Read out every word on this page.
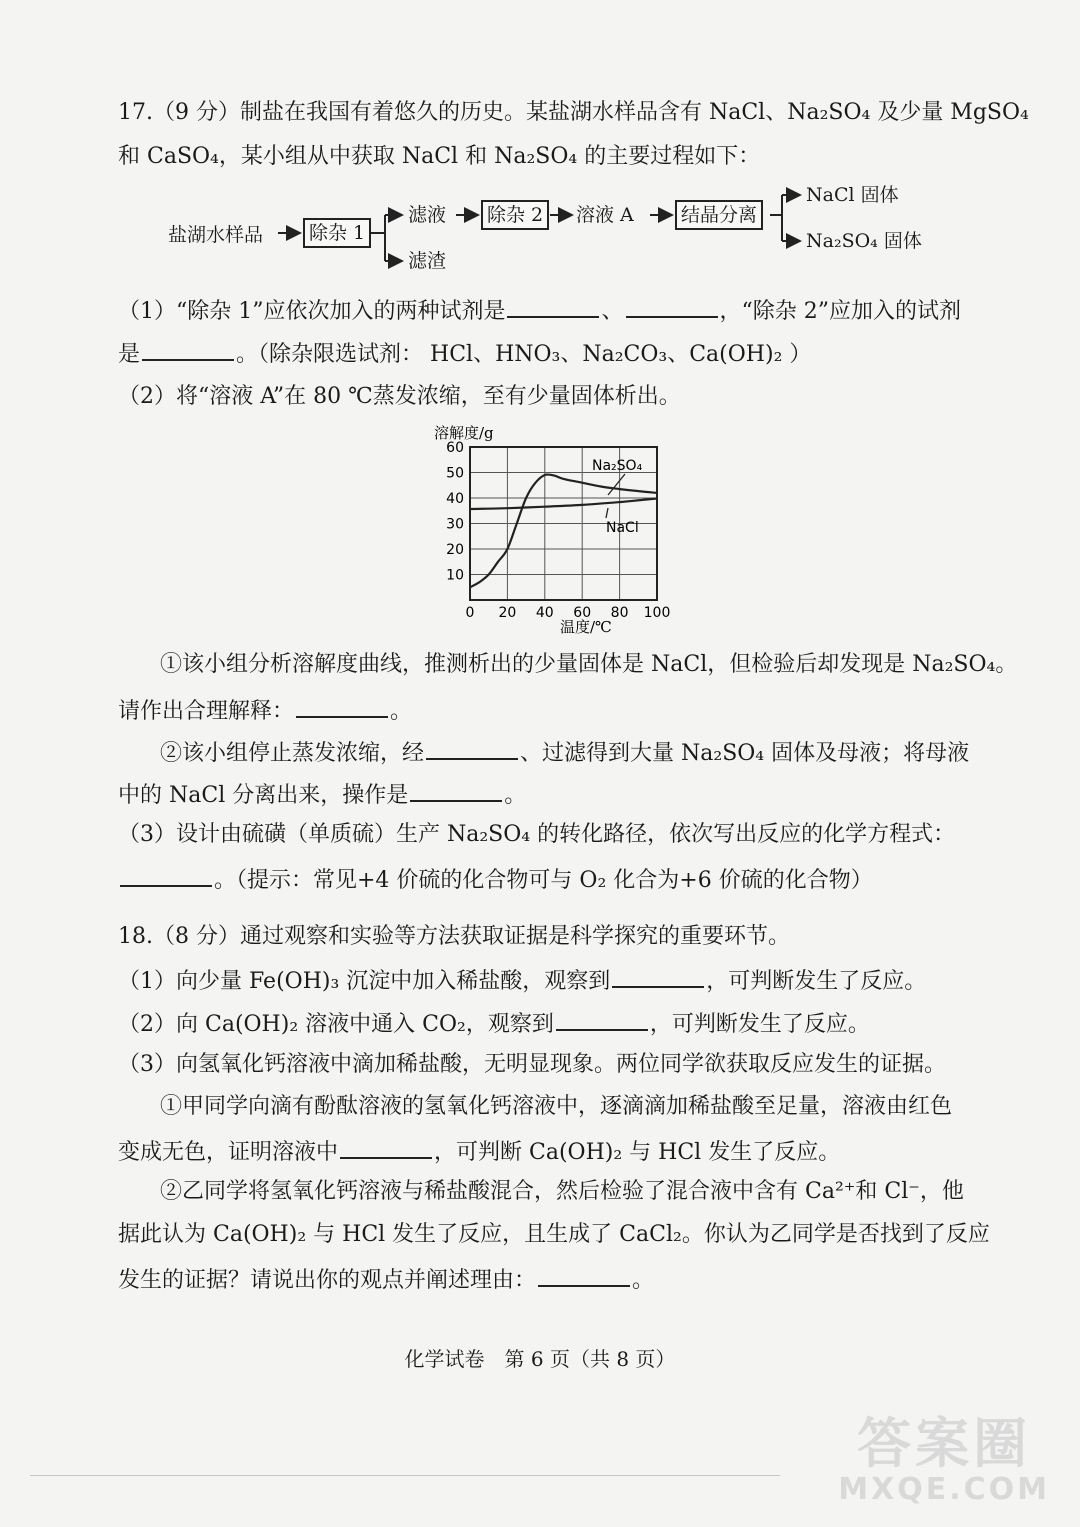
17.（9 分）制盐在我国有着悠久的历史。某盐湖水样品含有 NaCl、Na₂SO₄ 及少量 MgSO₄
和 CaSO₄，某小组从中获取 NaCl 和 Na₂SO₄ 的主要过程如下：
盐湖水样品	除杂 1
滤液
滤渣
除杂 2	溶液 A	结晶分离
NaCl 固体
Na₂SO₄ 固体
（1）“除杂 1”应依次加入的两种试剂是	、	，“除杂 2”应加入的试剂
是	。（除杂限选试剂： HCl、HNO₃、Na₂CO₃、Ca(OH)₂ ）
（2）将“溶液 A”在 80 ℃蒸发浓缩，至有少量固体析出。
10
20
30
40
50
60
0 20 40 60 80 100
溶解度/g
温度/℃
Na₂SO₄
NaCl
①该小组分析溶解度曲线，推测析出的少量固体是 NaCl，但检验后却发现是 Na₂SO₄。
请作出合理解释：	。
②该小组停止蒸发浓缩，经	、过滤得到大量 Na₂SO₄ 固体及母液；将母液
中的 NaCl 分离出来，操作是	。
（3）设计由硫磺（单质硫）生产 Na₂SO₄ 的转化路径，依次写出反应的化学方程式：
。（提示：常见+4 价硫的化合物可与 O₂ 化合为+6 价硫的化合物）
18.（8 分）通过观察和实验等方法获取证据是科学探究的重要环节。
（1）向少量 Fe(OH)₃ 沉淀中加入稀盐酸，观察到	，可判断发生了反应。
（2）向 Ca(OH)₂ 溶液中通入 CO₂，观察到	，可判断发生了反应。
（3）向氢氧化钙溶液中滴加稀盐酸，无明显现象。两位同学欲获取反应发生的证据。
①甲同学向滴有酚酞溶液的氢氧化钙溶液中，逐滴滴加稀盐酸至足量，溶液由红色
变成无色，证明溶液中	，可判断 Ca(OH)₂ 与 HCl 发生了反应。
②乙同学将氢氧化钙溶液与稀盐酸混合，然后检验了混合液中含有 Ca²⁺和 Cl⁻，他
据此认为 Ca(OH)₂ 与 HCl 发生了反应，且生成了 CaCl₂。你认为乙同学是否找到了反应
发生的证据？请说出你的观点并阐述理由：	。
化学试卷　第 6 页（共 8 页）
答案圈
MXQE.COM
